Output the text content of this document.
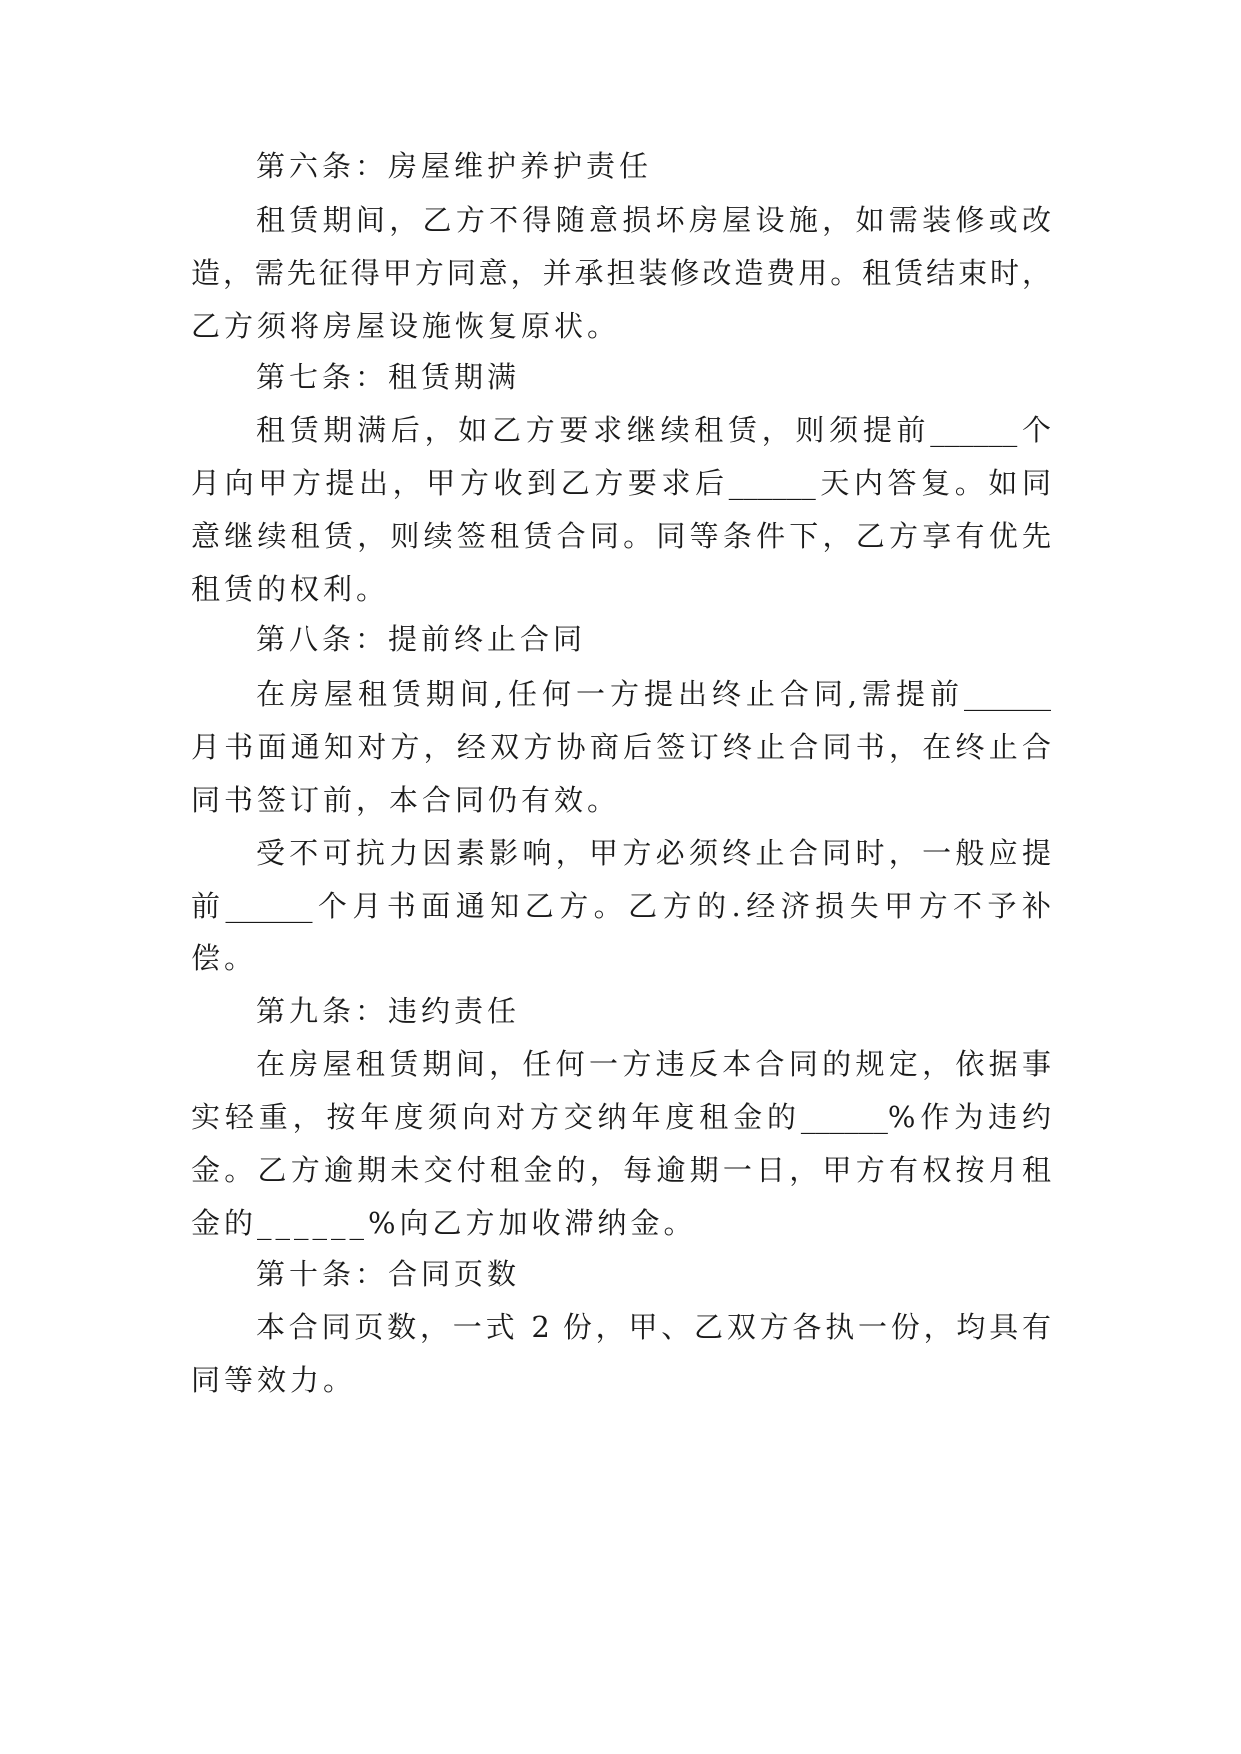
第六条：房屋维护养护责任
租赁期间，乙方不得随意损坏房屋设施，如需装修或改
造，需先征得甲方同意，并承担装修改造费用。租赁结束时，
乙方须将房屋设施恢复原状。
第七条：租赁期满
租赁期满后，如乙方要求继续租赁，则须提前______个
月向甲方提出，甲方收到乙方要求后______天内答复。如同
意继续租赁，则续签租赁合同。同等条件下，乙方享有优先
租赁的权利。
第八条：提前终止合同
在房屋租赁期间,任何一方提出终止合同,需提前______
月书面通知对方，经双方协商后签订终止合同书，在终止合
同书签订前，本合同仍有效。
受不可抗力因素影响，甲方必须终止合同时，一般应提
前______个月书面通知乙方。乙方的.经济损失甲方不予补
偿。
第九条：违约责任
在房屋租赁期间，任何一方违反本合同的规定，依据事
实轻重，按年度须向对方交纳年度租金的______%作为违约
金。乙方逾期未交付租金的，每逾期一日，甲方有权按月租
金的______%向乙方加收滞纳金。
第十条：合同页数
本合同页数，一式 2 份，甲、乙双方各执一份，均具有
同等效力。
